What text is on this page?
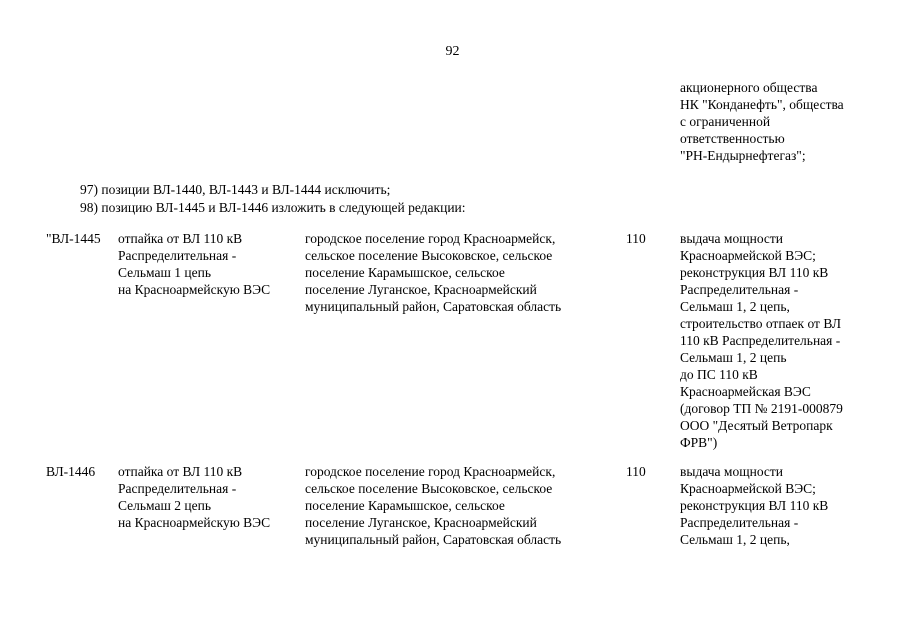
92
акционерного общества
НК "Конданефть", общества
с ограниченной
ответственностью
"РН-Ендырнефтегаз";
97) позиции ВЛ-1440, ВЛ-1443 и ВЛ-1444 исключить;
98) позицию ВЛ-1445 и ВЛ-1446 изложить в следующей редакции:
"ВЛ-1445 отпайка от ВЛ 110 кВ
Распределительная -
Сельмаш 1 цепь
на Красноармейскую ВЭС
городское поселение город Красноармейск,
сельское поселение Высоковское, сельское
поселение Карамышское, сельское
поселение Луганское, Красноармейский
муниципальный район, Саратовская область
110	выдача мощности
Красноармейской ВЭС;
реконструкция ВЛ 110 кВ
Распределительная -
Сельмаш 1, 2 цепь,
строительство отпаек от ВЛ
110 кВ Распределительная -
Сельмаш 1, 2 цепь
до ПС 110 кВ
Красноармейская ВЭС
(договор ТП № 2191-000879
ООО "Десятый Ветропарк
ФРВ")
ВЛ-1446 отпайка от ВЛ 110 кВ
Распределительная -
Сельмаш 2 цепь
на Красноармейскую ВЭС
городское поселение город Красноармейск,
сельское поселение Высоковское, сельское
поселение Карамышское, сельское
поселение Луганское, Красноармейский
муниципальный район, Саратовская область
110	выдача мощности
Красноармейской ВЭС;
реконструкция ВЛ 110 кВ
Распределительная -
Сельмаш 1, 2 цепь,
